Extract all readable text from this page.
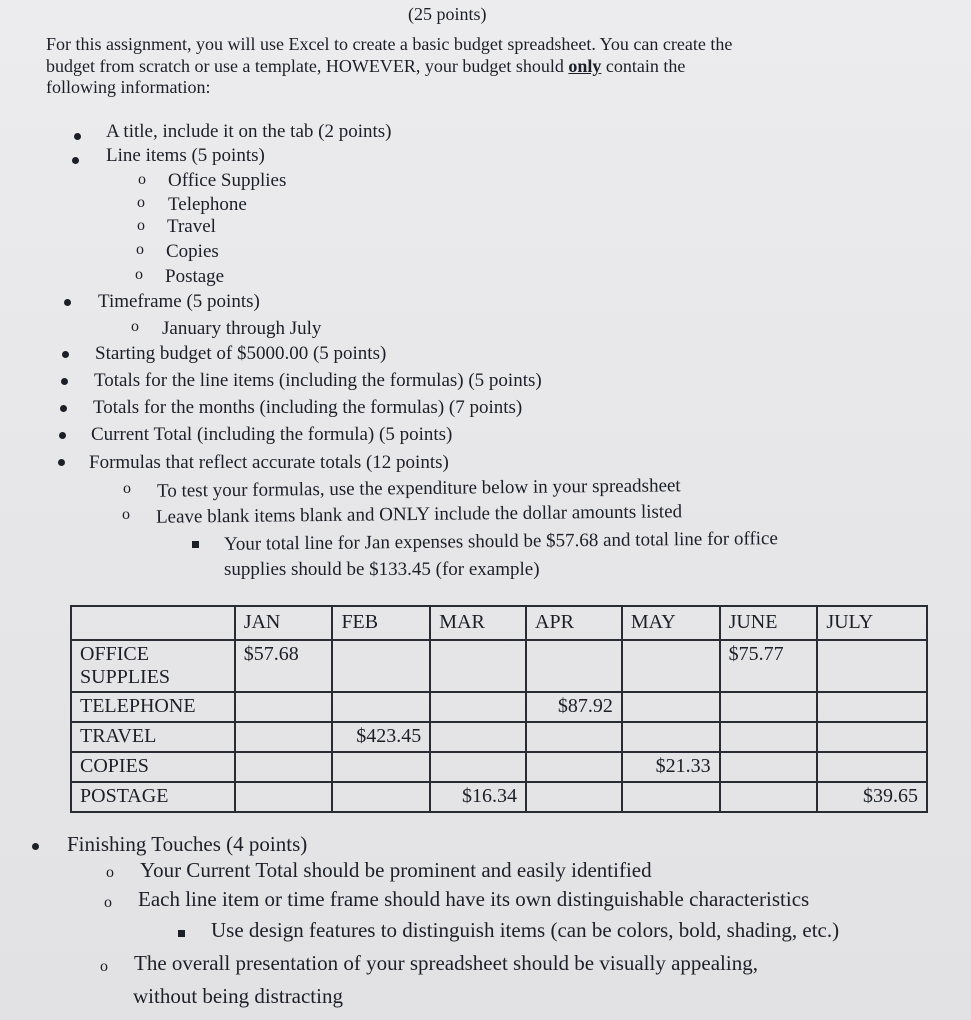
(25 points)
For this assignment, you will use Excel to create a basic budget spreadsheet. You can create the
budget from scratch or use a template, HOWEVER, your budget should only contain the
following information:
A title, include it on the tab (2 points)
Line items (5 points)
o Office Supplies
o Telephone
o Travel
o Copies
o Postage
Timeframe (5 points)
o January through July
Starting budget of $5000.00 (5 points)
Totals for the line items (including the formulas) (5 points)
Totals for the months (including the formulas) (7 points)
Current Total (including the formula) (5 points)
Formulas that reflect accurate totals (12 points)
o To test your formulas, use the expenditure below in your spreadsheet
o Leave blank items blank and ONLY include the dollar amounts listed
Your total line for Jan expenses should be $57.68 and total line for office
supplies should be $133.45 (for example)
	JAN	FEB	MAR	APR	MAY	JUNE	JULY
OFFICE
SUPPLIES	$57.68					$75.77	
TELEPHONE				$87.92			
TRAVEL		$423.45					
COPIES					$21.33		
POSTAGE			$16.34				$39.65
Finishing Touches (4 points)
o Your Current Total should be prominent and easily identified
o Each line item or time frame should have its own distinguishable characteristics
Use design features to distinguish items (can be colors, bold, shading, etc.)
o The overall presentation of your spreadsheet should be visually appealing,
without being distracting
